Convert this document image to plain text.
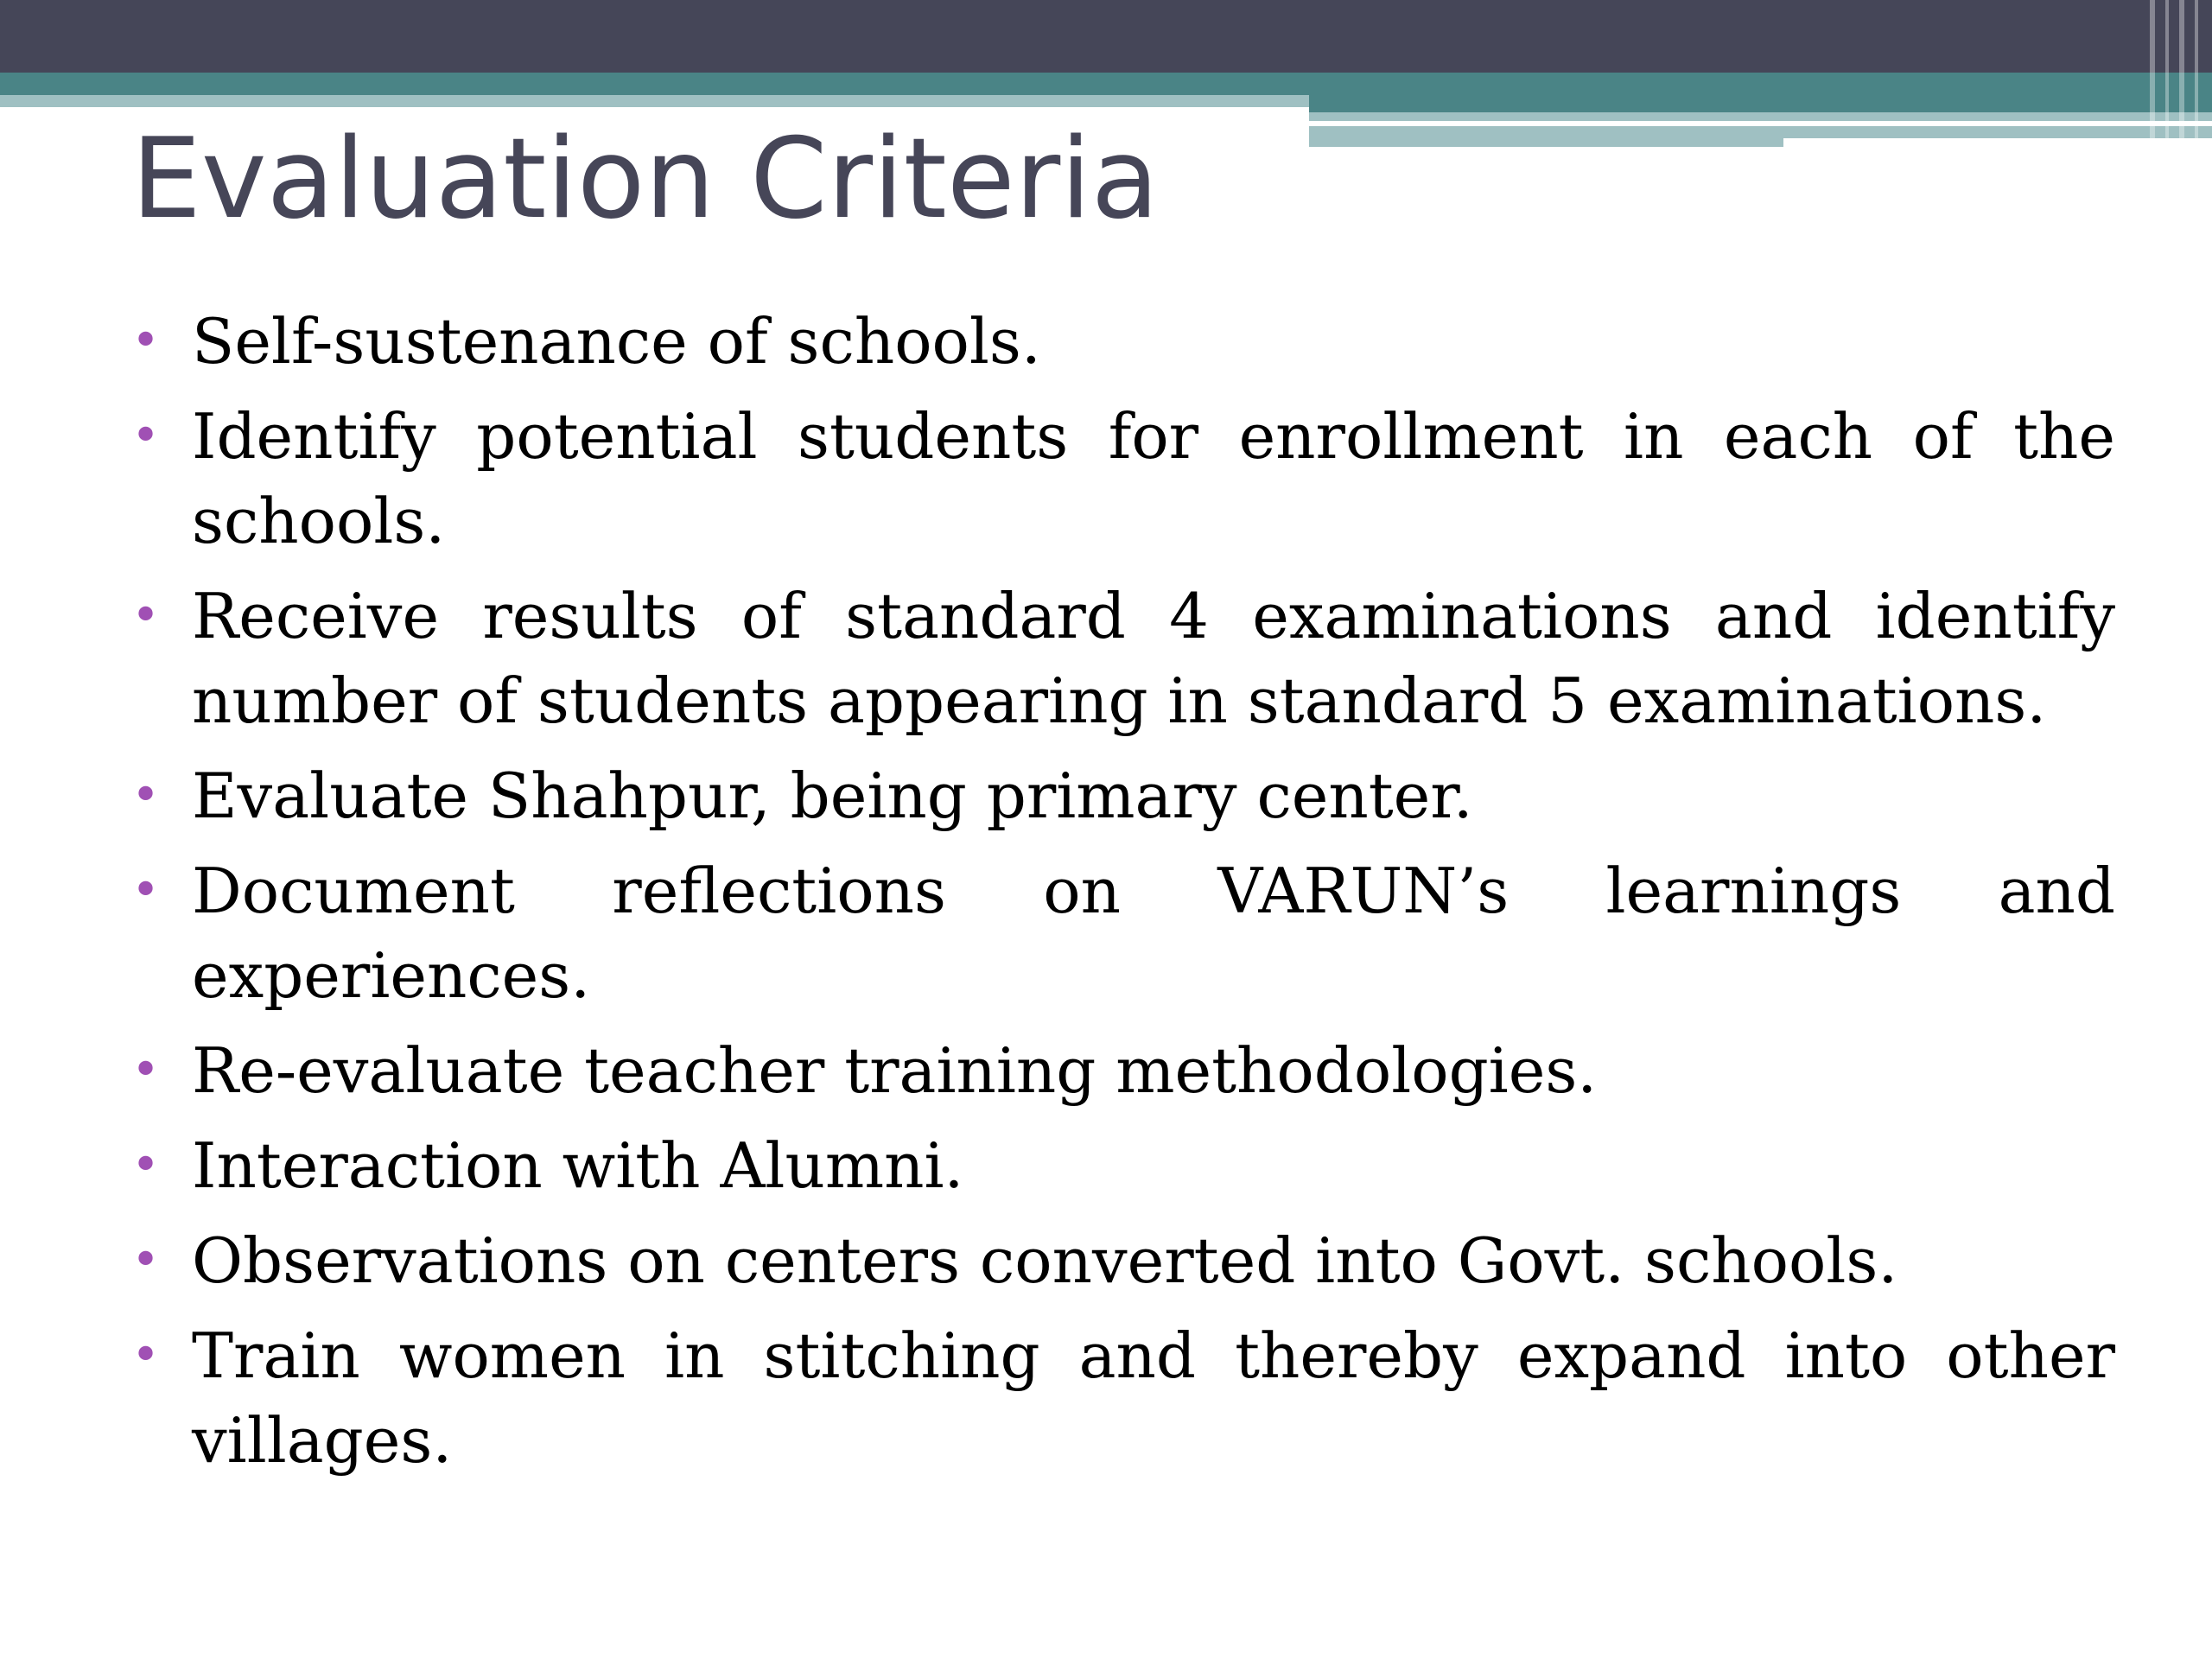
Evaluation Criteria
• Self-sustenance of schools.
• Identify potential students for enrollment in each of the schools.
• Receive results of standard 4 examinations and identify number of students appearing in standard 5 examinations.
• Evaluate Shahpur, being primary center.
• Document reflections on VARUN’s learnings and experiences.
• Re-evaluate teacher training methodologies.
• Interaction with Alumni.
• Observations on centers converted into Govt. schools.
• Train women in stitching and thereby expand into other villages.
